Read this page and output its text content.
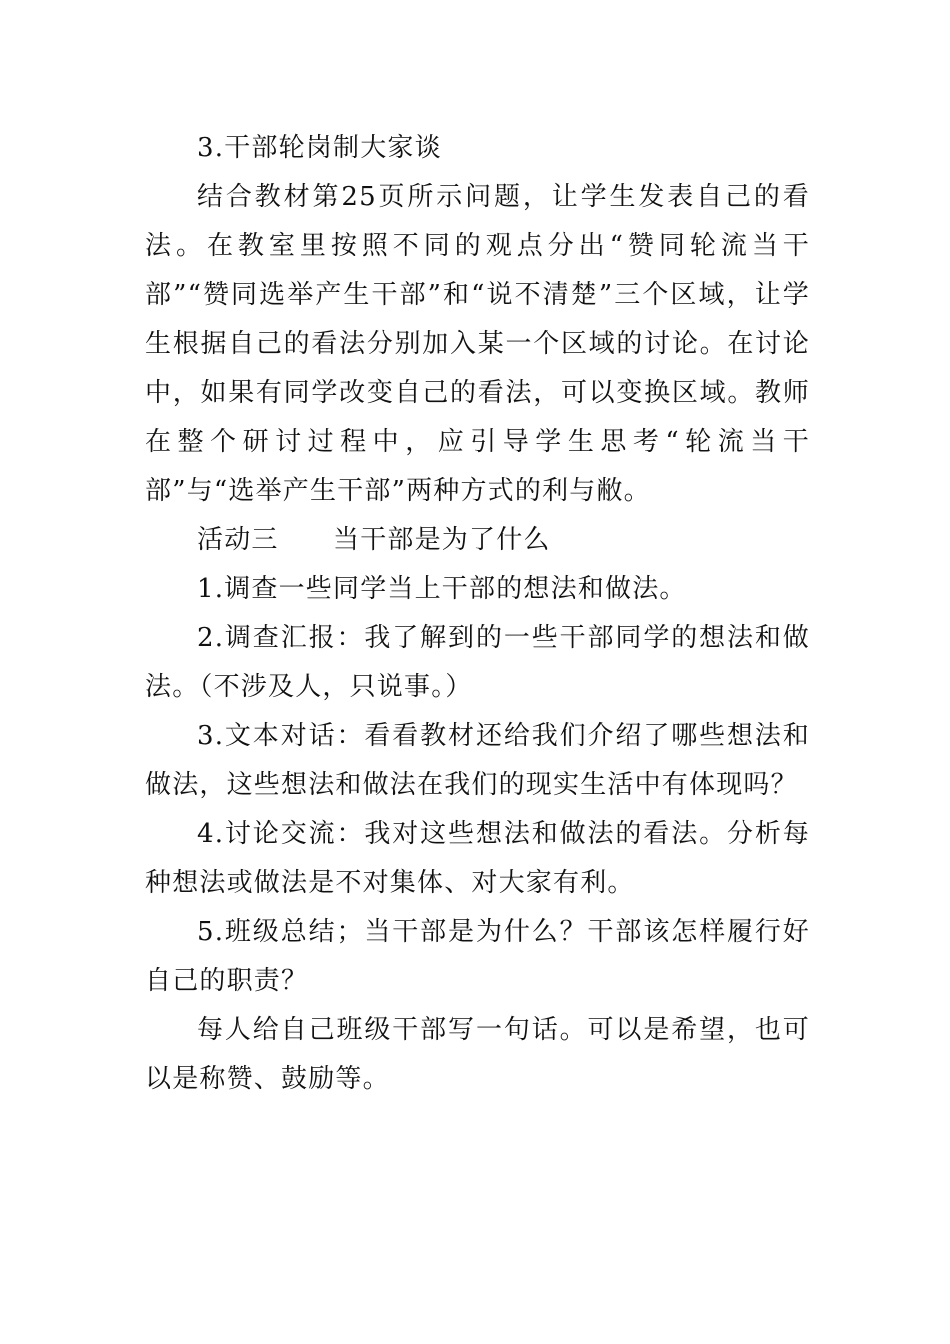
3.干部轮岗制大家谈

结合教材第25页所示问题，让学生发表自己的看法。在教室里按照不同的观点分出“赞同轮流当干部”“赞同选举产生干部”和“说不清楚”三个区域，让学生根据自己的看法分别加入某一个区域的讨论。在讨论中，如果有同学改变自己的看法，可以变换区域。教师在整个研讨过程中，应引导学生思考“轮流当干部”与“选举产生干部”两种方式的利与敝。

活动三　　当干部是为了什么

1.调查一些同学当上干部的想法和做法。

2.调查汇报：我了解到的一些干部同学的想法和做法。（不涉及人，只说事。）

3.文本对话：看看教材还给我们介绍了哪些想法和做法，这些想法和做法在我们的现实生活中有体现吗？

4.讨论交流：我对这些想法和做法的看法。分析每种想法或做法是不对集体、对大家有利。

5.班级总结；当干部是为什么？干部该怎样履行好自己的职责？

每人给自己班级干部写一句话。可以是希望，也可以是称赞、鼓励等。
